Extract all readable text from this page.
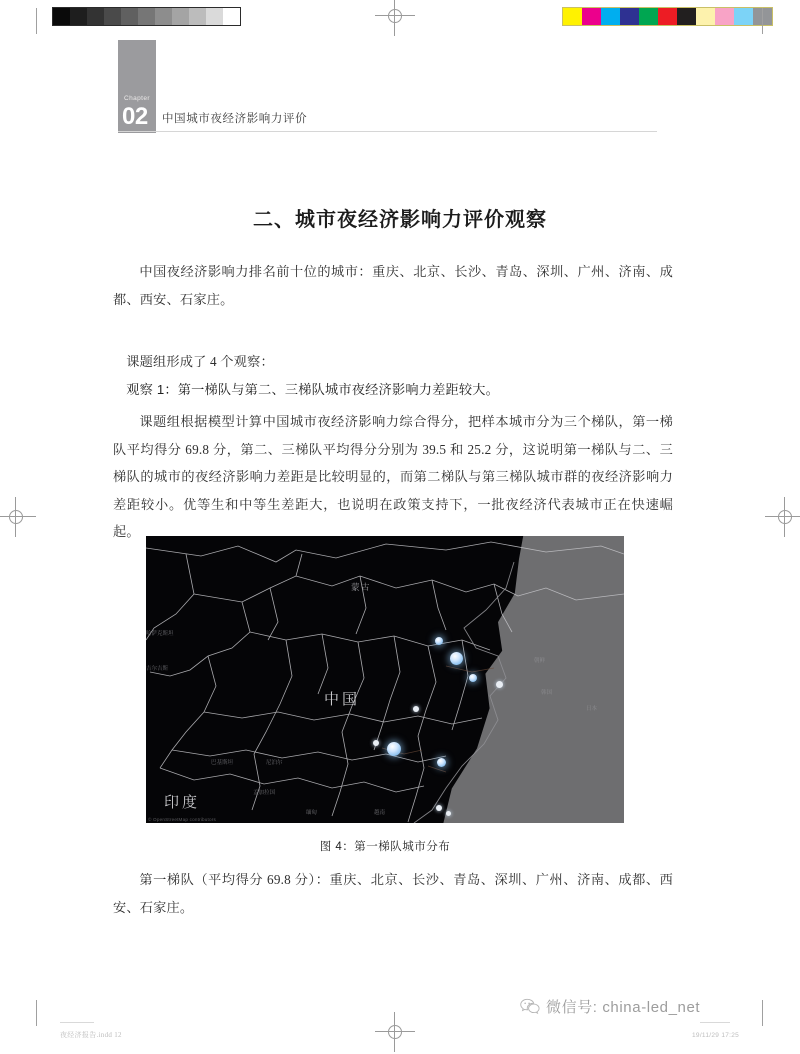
Chapter
02 中国城市夜经济影响力评价
二、城市夜经济影响力评价观察
中国夜经济影响力排名前十位的城市：重庆、北京、长沙、青岛、深圳、广州、济南、成都、西安、石家庄。
课题组形成了 4 个观察：
观察 1：第一梯队与第二、三梯队城市夜经济影响力差距较大。
课题组根据模型计算中国城市夜经济影响力综合得分，把样本城市分为三个梯队，第一梯队平均得分 69.8 分，第二、三梯队平均得分分别为 39.5 和 25.2 分，这说明第一梯队与二、三梯队的城市的夜经济影响力差距是比较明显的，而第二梯队与第三梯队城市群的夜经济影响力差距较小。优等生和中等生差距大，也说明在政策支持下，一批夜经济代表城市正在快速崛起。
中国
蒙古
印度
哈萨克斯坦
吉尔吉斯
尼泊尔
巴基斯坦
孟加拉国
缅甸	越南
韩国
朝鲜
日本
© OpenStreetMap contributors
图 4：第一梯队城市分布
第一梯队（平均得分 69.8 分）：重庆、北京、长沙、青岛、深圳、广州、济南、成都、西安、石家庄。
夜经济报告.indd 12	19/11/29 17:25
微信号: china-led_net
